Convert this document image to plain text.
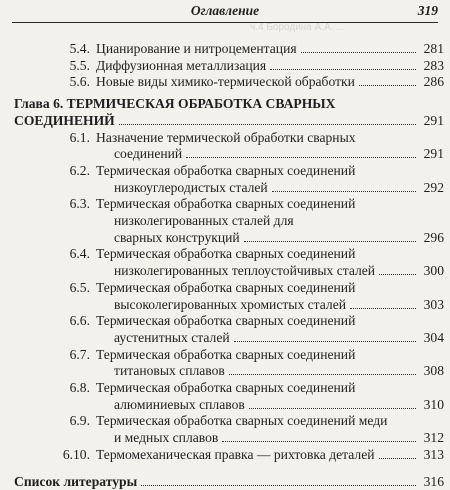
ч.4 Бородина А.А. ...
Оглавление	319
5.4. Цианирование и нитроцементация	281
5.5. Диффузионная металлизация	283
5.6. Новые виды химико-термической обработки	286
Глава 6. ТЕРМИЧЕСКАЯ ОБРАБОТКА СВАРНЫХ
СОЕДИНЕНИЙ	291
6.1. Назначение термической обработки сварных
соединений	291
6.2. Термическая обработка сварных соединений
низкоуглеродистых сталей	292
6.3. Термическая обработка сварных соединений
низколегированных сталей для
сварных конструкций	296
6.4. Термическая обработка сварных соединений
низколегированных теплоустойчивых сталей	300
6.5. Термическая обработка сварных соединений
высоколегированных хромистых сталей	303
6.6. Термическая обработка сварных соединений
аустенитных сталей	304
6.7. Термическая обработка сварных соединений
титановых сплавов	308
6.8. Термическая обработка сварных соединений
алюминиевых сплавов	310
6.9. Термическая обработка сварных соединений меди
и медных сплавов	312
6.10. Термомеханическая правка — рихтовка деталей	313
Список литературы	316
